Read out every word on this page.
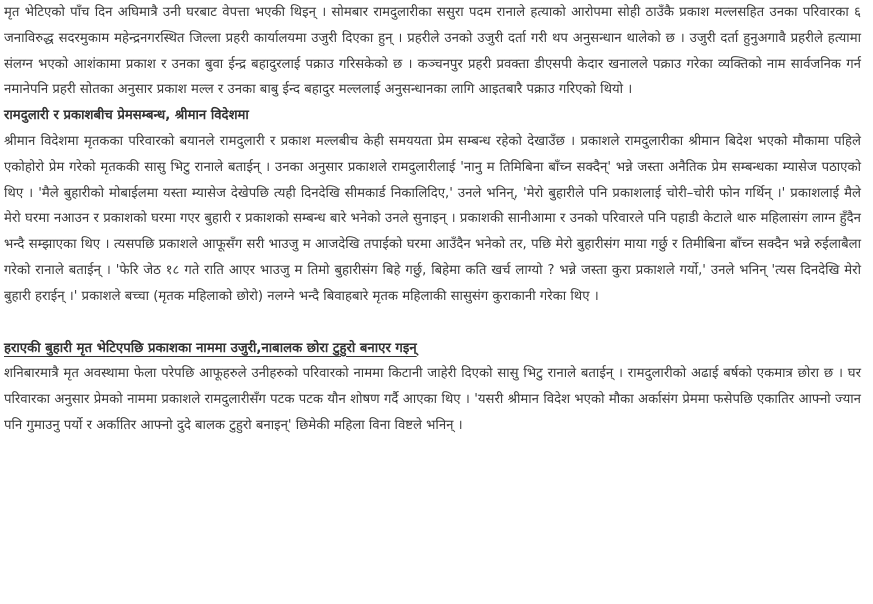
मृत भेटिएको पाँच दिन अघिमात्रै उनी घरबाट वेपत्ता भएकी थिइन् । सोमबार रामदुलारीका ससुरा पदम रानाले हत्याको आरोपमा सोही ठाउँकै प्रकाश मल्लसहित उनका परिवारका ६ जनाविरुद्ध सदरमुकाम महेन्द्रनगरस्थित जिल्ला प्रहरी कार्यालयमा उजुरी दिएका हुन् । प्रहरीले उनको उजुरी दर्ता गरी थप अनुसन्धान थालेको छ । उजुरी दर्ता हुनुअगावै प्रहरीले हत्यामा संलग्न भएको आशंकामा प्रकाश र उनका बुवा ईन्द्र बहादुरलाई पक्राउ गरिसकेको छ । कञ्चनपुर प्रहरी प्रवक्ता डीएसपी केदार खनालले पक्राउ गरेका व्यक्तिको नाम सार्वजनिक गर्न नमानेपनि प्रहरी सोतका अनुसार प्रकाश मल्ल र उनका बाबु ईन्द बहादुर मल्ललाई अनुसन्धानका लागि आइतबारै पक्राउ गरिएको थियो ।

रामदुलारी र प्रकाशबीच प्रेमसम्बन्ध, श्रीमान विदेशमा

श्रीमान विदेशमा मृतकका परिवारको बयानले रामदुलारी र प्रकाश मल्लबीच केही समययता प्रेम सम्बन्ध रहेको देखाउँछ । प्रकाशले रामदुलारीका श्रीमान बिदेश भएको मौकामा पहिले एकोहोरो प्रेम गरेको मृतककी सासु भिटु रानाले बताईन् । उनका अनुसार प्रकाशले रामदुलारीलाई 'नानु म तिमिबिना बाँच्न सक्दैन्' भन्ने जस्ता अनैतिक प्रेम सम्बन्धका म्यासेज पठाएको थिए । 'मैले बुहारीको मोबाईलमा यस्ता म्यासेज देखेपछि त्यही दिनदेखि सीमकार्ड निकालिदिए,' उनले भनिन्, 'मेरो बुहारीले पनि प्रकाशलाई चोरी–चोरी फोन गर्थिन् ।' प्रकाशलाई मैले मेरो घरमा नआउन र प्रकाशको घरमा गएर बुहारी र प्रकाशको सम्बन्ध बारे भनेको उनले सुनाइन् । प्रकाशकी सानीआमा र उनको परिवारले पनि पहाडी केटाले थारु महिलासंग लाग्न हुँदैन भन्दै सम्झाएका थिए । त्यसपछि प्रकाशले आफूसँग सरी भाउजु म आजदेखि तपाईको घरमा आउँदैन भनेको तर, पछि मेरो बुहारीसंग माया गर्छु र तिमीबिना बाँच्न सक्दैन भन्ने रुईलाबैला गरेको रानाले बताईन् । 'फेरि जेठ १८ गते राति आएर भाउजु म तिमो बुहारीसंग बिहे गर्छु, बिहेमा कति खर्च लाग्यो ? भन्ने जस्ता कुरा प्रकाशले गर्यो,' उनले भनिन् 'त्यस दिनदेखि मेरो बुहारी हराईन् ।' प्रकाशले बच्चा (मृतक महिलाको छोरो) नलग्ने भन्दै बिवाहबारे मृतक महिलाकी सासुसंग कुराकानी गरेका थिए ।

हराएकी बुहारी मृत भेटिएपछि प्रकाशका नाममा उजुरी,नाबालक छोरा टुहुरो बनाएर गइन्

शनिबारमात्रै मृत अवस्थामा फेला परेपछि आफूहरुले उनीहरुको परिवारको नाममा किटानी जाहेरी दिएको सासु भिटु रानाले बताईन् । रामदुलारीको अढाई बर्षको एकमात्र छोरा छ । घर परिवारका अनुसार प्रेमको नाममा प्रकाशले रामदुलारीसँग पटक पटक यौन शोषण गर्दै आएका थिए । 'यसरी श्रीमान विदेश भएको मौका अर्कासंग प्रेममा फसेपछि एकातिर आफ्नो ज्यान पनि गुमाउनु पर्यो र अर्कातिर आफ्नो दुदे बालक टुहुरो बनाइन्' छिमेकी महिला विना विष्टले भनिन् ।
